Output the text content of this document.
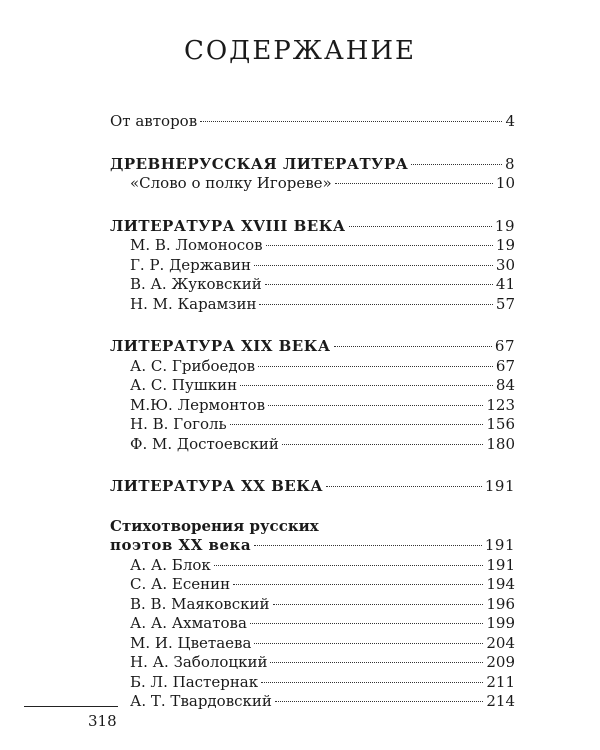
СОДЕРЖАНИЕ
От авторов	4
ДРЕВНЕРУССКАЯ ЛИТЕРАТУРА	8
«Слово о полку Игореве»	10
ЛИТЕРАТУРА XVIII ВЕКА	19
М. В. Ломоносов	19
Г. Р. Державин	30
В. А. Жуковский	41
Н. М. Карамзин	57
ЛИТЕРАТУРА XIX ВЕКА	67
А. С. Грибоедов	67
А. С. Пушкин	84
М.Ю. Лермонтов	123
Н. В. Гоголь	156
Ф. М. Достоевский	180
ЛИТЕРАТУРА XX ВЕКА	191
Стихотворения русских
поэтов XX века	191
А. А. Блок	191
С. А. Есенин	194
В. В. Маяковский	196
А. А. Ахматова	199
М. И. Цветаева	204
Н. А. Заболоцкий	209
Б. Л. Пастернак	211
А. Т. Твардовский	214
318
